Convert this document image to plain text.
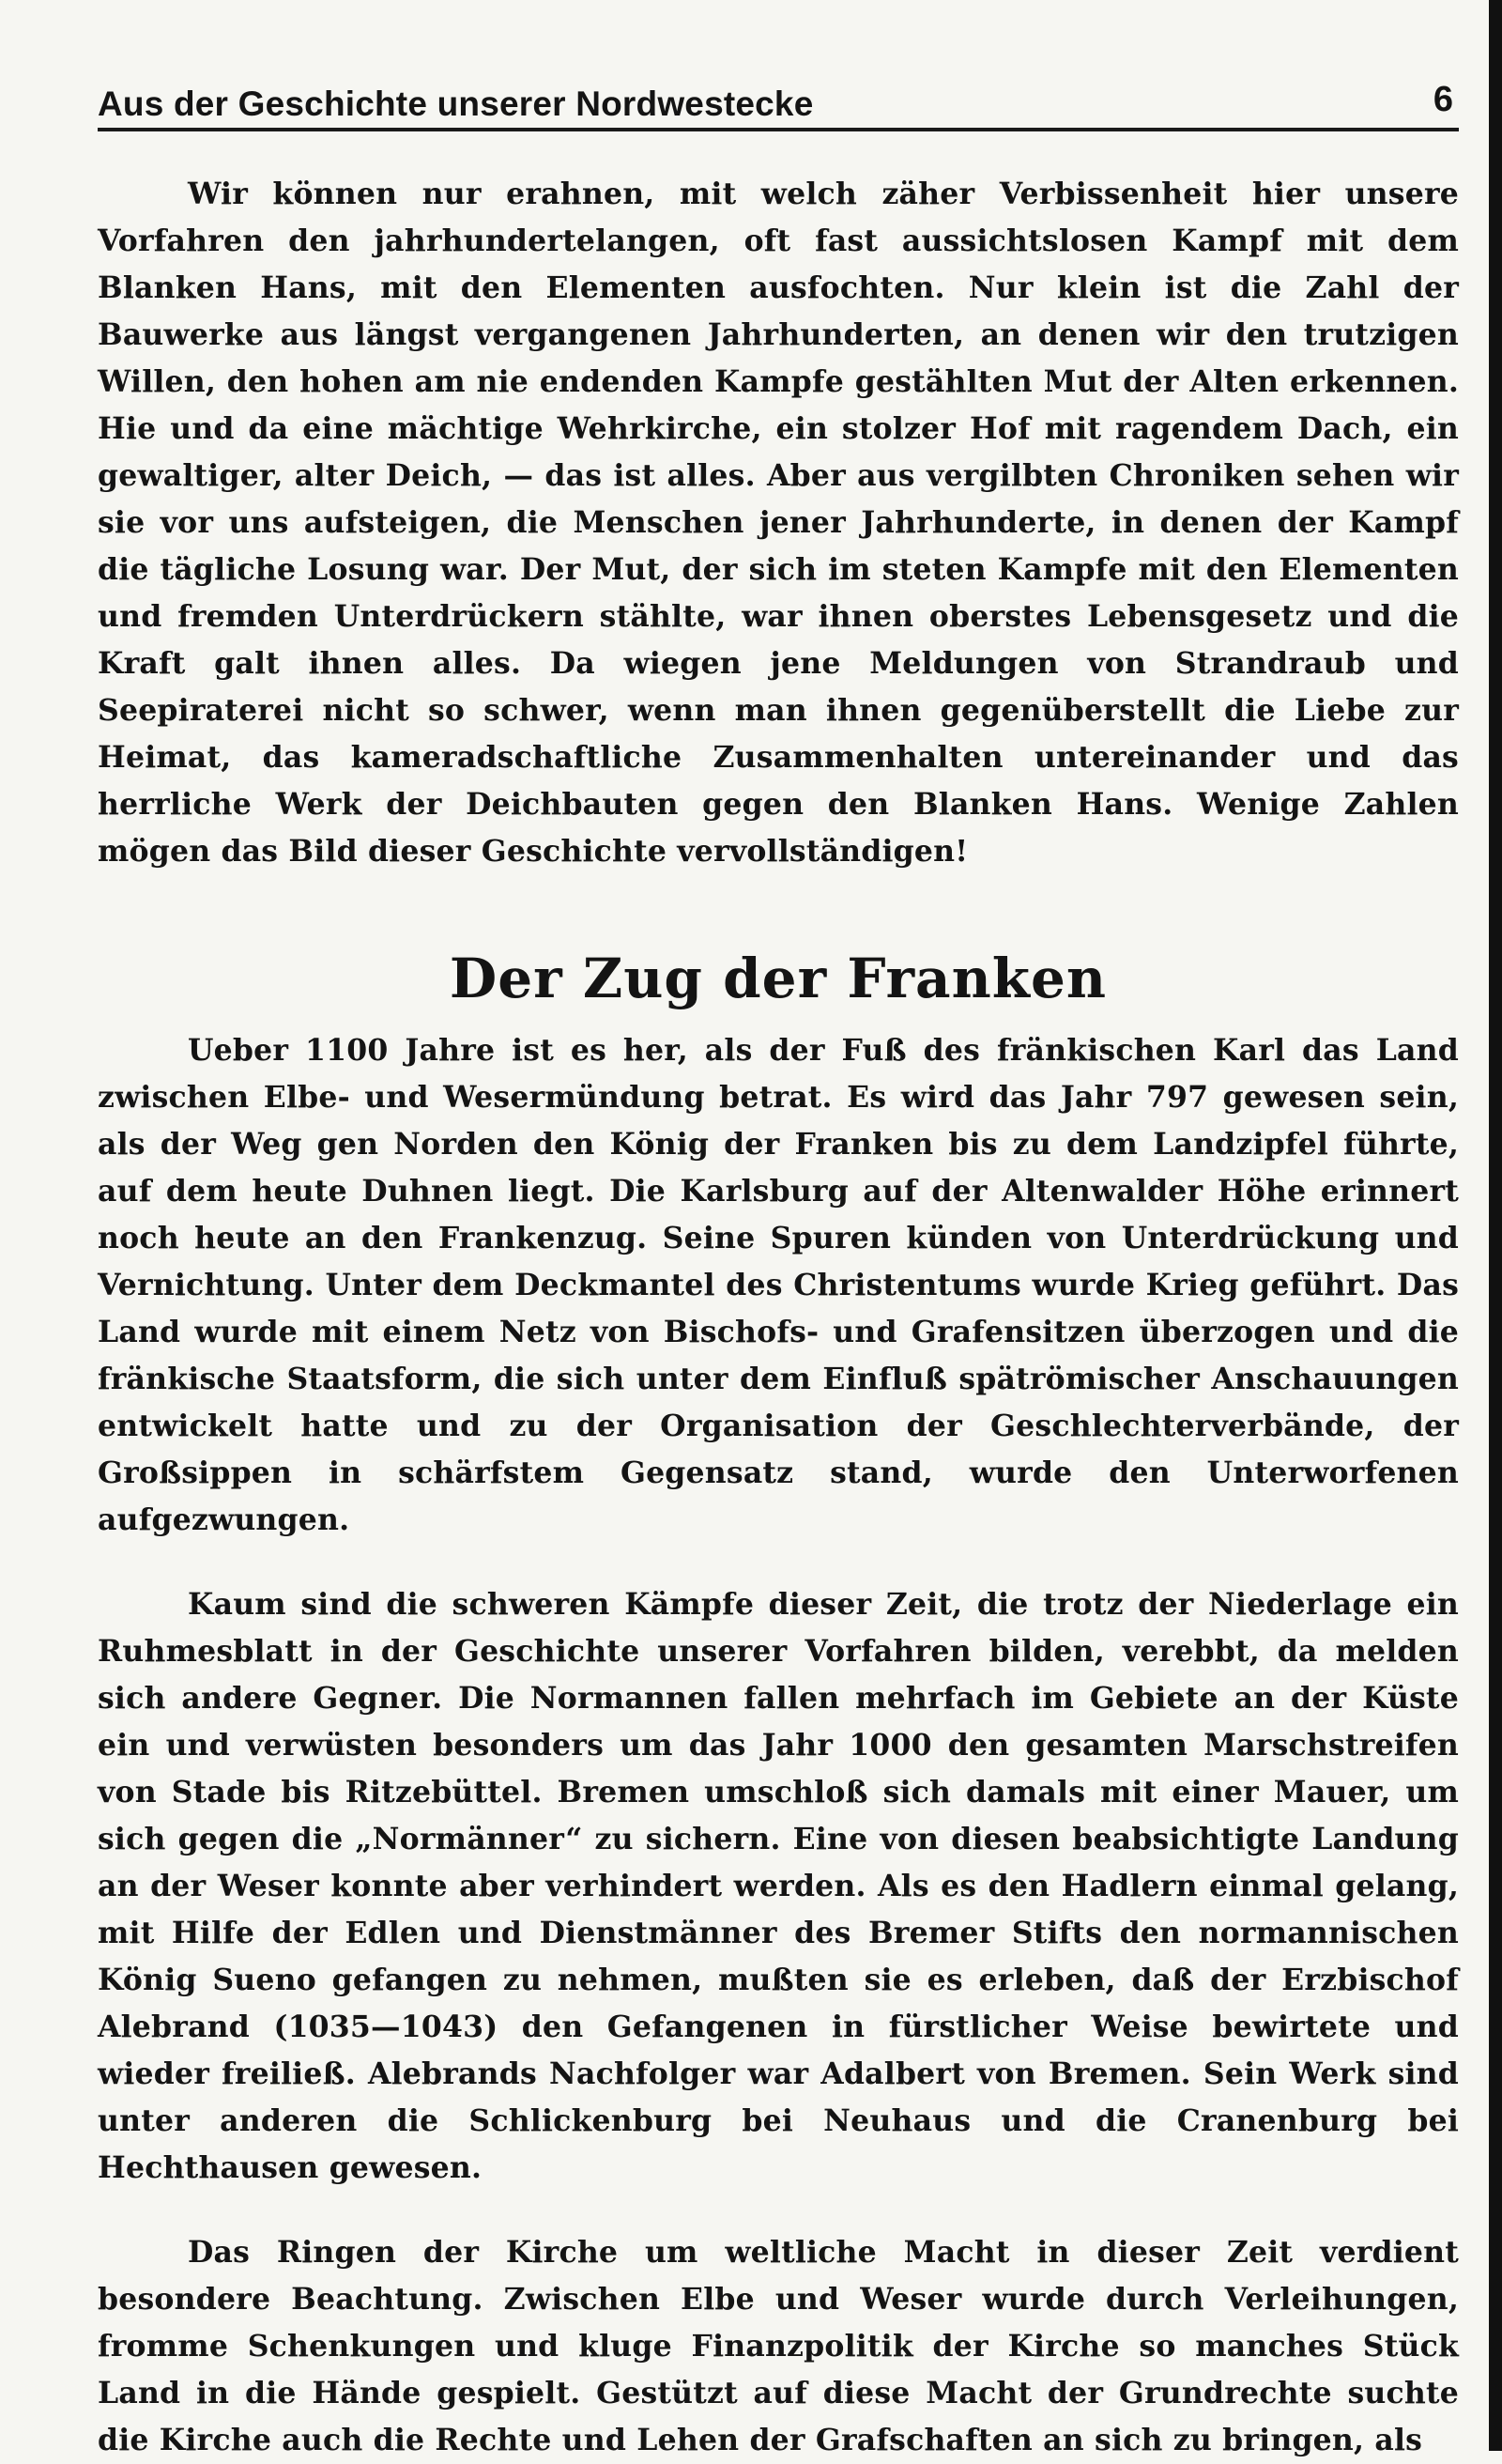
Aus der Geschichte unserer Nordwestecke	6

Wir können nur erahnen, mit welch zäher Verbissenheit hier unsere Vorfahren den jahrhundertelangen, oft fast aussichtslosen Kampf mit dem Blanken Hans, mit den Elementen ausfochten. Nur klein ist die Zahl der Bauwerke aus längst vergangenen Jahrhunderten, an denen wir den trutzigen Willen, den hohen am nie endenden Kampfe gestählten Mut der Alten erkennen. Hie und da eine mächtige Wehrkirche, ein stolzer Hof mit ragendem Dach, ein gewaltiger, alter Deich, — das ist alles. Aber aus vergilbten Chroniken sehen wir sie vor uns aufsteigen, die Menschen jener Jahrhunderte, in denen der Kampf die tägliche Losung war. Der Mut, der sich im steten Kampfe mit den Elementen und fremden Unterdrückern stählte, war ihnen oberstes Lebensgesetz und die Kraft galt ihnen alles. Da wiegen jene Meldungen von Strandraub und Seepiraterei nicht so schwer, wenn man ihnen gegenüberstellt die Liebe zur Heimat, das kameradschaftliche Zusammenhalten untereinander und das herrliche Werk der Deichbauten gegen den Blanken Hans. Wenige Zahlen mögen das Bild dieser Geschichte vervollständigen!

Der Zug der Franken

Ueber 1100 Jahre ist es her, als der Fuß des fränkischen Karl das Land zwischen Elbe- und Wesermündung betrat. Es wird das Jahr 797 gewesen sein, als der Weg gen Norden den König der Franken bis zu dem Landzipfel führte, auf dem heute Duhnen liegt. Die Karlsburg auf der Altenwalder Höhe erinnert noch heute an den Frankenzug. Seine Spuren künden von Unterdrückung und Vernichtung. Unter dem Deckmantel des Christentums wurde Krieg geführt. Das Land wurde mit einem Netz von Bischofs- und Grafensitzen überzogen und die fränkische Staatsform, die sich unter dem Einfluß spätrömischer Anschauungen entwickelt hatte und zu der Organisation der Geschlechterverbände, der Großsippen in schärfstem Gegensatz stand, wurde den Unterworfenen aufgezwungen.

Kaum sind die schweren Kämpfe dieser Zeit, die trotz der Niederlage ein Ruhmesblatt in der Geschichte unserer Vorfahren bilden, verebbt, da melden sich andere Gegner. Die Normannen fallen mehrfach im Gebiete an der Küste ein und verwüsten besonders um das Jahr 1000 den gesamten Marschstreifen von Stade bis Ritzebüttel. Bremen umschloß sich damals mit einer Mauer, um sich gegen die „Normänner“ zu sichern. Eine von diesen beabsichtigte Landung an der Weser konnte aber verhindert werden. Als es den Hadlern einmal gelang, mit Hilfe der Edlen und Dienstmänner des Bremer Stifts den normannischen König Sueno gefangen zu nehmen, mußten sie es erleben, daß der Erzbischof Alebrand (1035—1043) den Gefangenen in fürstlicher Weise bewirtete und wieder freiließ. Alebrands Nachfolger war Adalbert von Bremen. Sein Werk sind unter anderen die Schlickenburg bei Neuhaus und die Cranenburg bei Hechthausen gewesen.

Das Ringen der Kirche um weltliche Macht in dieser Zeit verdient besondere Beachtung. Zwischen Elbe und Weser wurde durch Verleihungen, fromme Schenkungen und kluge Finanzpolitik der Kirche so manches Stück Land in die Hände gespielt. Gestützt auf diese Macht der Grundrechte suchte die Kirche auch die Rechte und Lehen der Grafschaften an sich zu bringen, als
